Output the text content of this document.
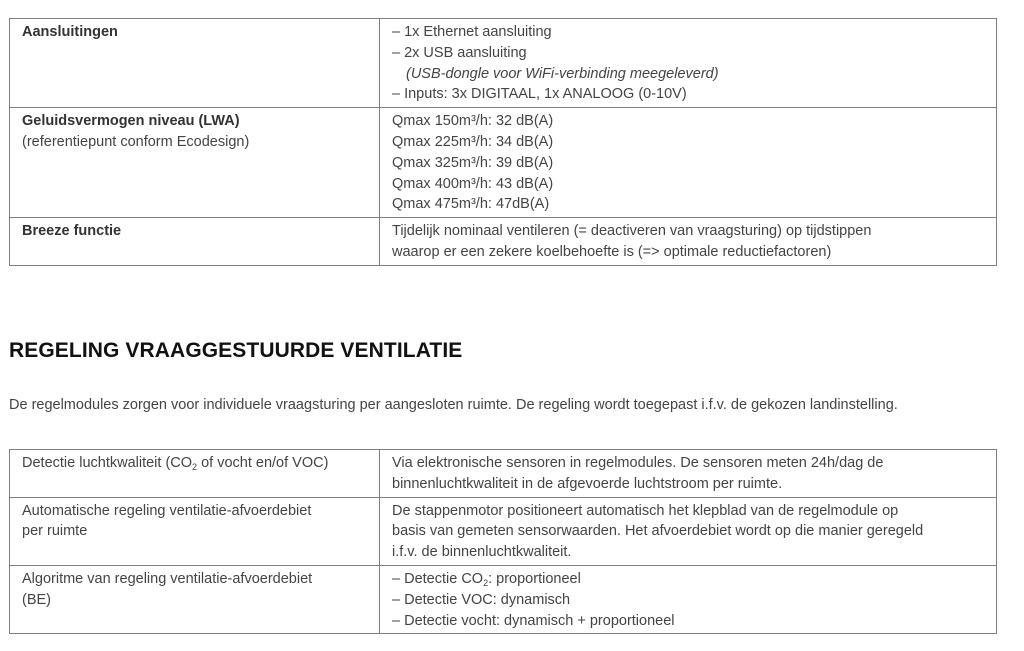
Aansluitingen	– 1x Ethernet aansluiting
– 2x USB aansluiting
(USB-dongle voor WiFi-verbinding meegeleverd)
– Inputs: 3x DIGITAAL, 1x ANALOOG (0-10V)

Geluidsvermogen niveau (LWA)
(referentiepunt conform Ecodesign)	Qmax 150m³/h: 32 dB(A)
Qmax 225m³/h: 34 dB(A)
Qmax 325m³/h: 39 dB(A)
Qmax 400m³/h: 43 dB(A)
Qmax 475m³/h: 47dB(A)

Breeze functie	Tijdelijk nominaal ventileren (= deactiveren van vraagsturing) op tijdstippen
waarop er een zekere koelbehoefte is (=> optimale reductiefactoren)
REGELING VRAAGGESTUURDE VENTILATIE

De regelmodules zorgen voor individuele vraagsturing per aangesloten ruimte. De regeling wordt toegepast i.f.v. de gekozen landinstelling.

Detectie luchtkwaliteit ($CO_2$ of vocht en/of VOC)	Via elektronische sensoren in regelmodules. De sensoren meten 24h/dag de
binnenluchtkwaliteit in de afgevoerde luchtstroom per ruimte.

Automatische regeling ventilatie-afvoerdebiet
per ruimte	De stappenmotor positioneert automatisch het klepblad van de regelmodule op
basis van gemeten sensorwaarden. Het afvoerdebiet wordt op die manier geregeld
i.f.v. de binnenluchtkwaliteit.

Algoritme van regeling ventilatie-afvoerdebiet
(BE)	– Detectie $CO_2$: proportioneel
– Detectie VOC: dynamisch
– Detectie vocht: dynamisch + proportioneel
